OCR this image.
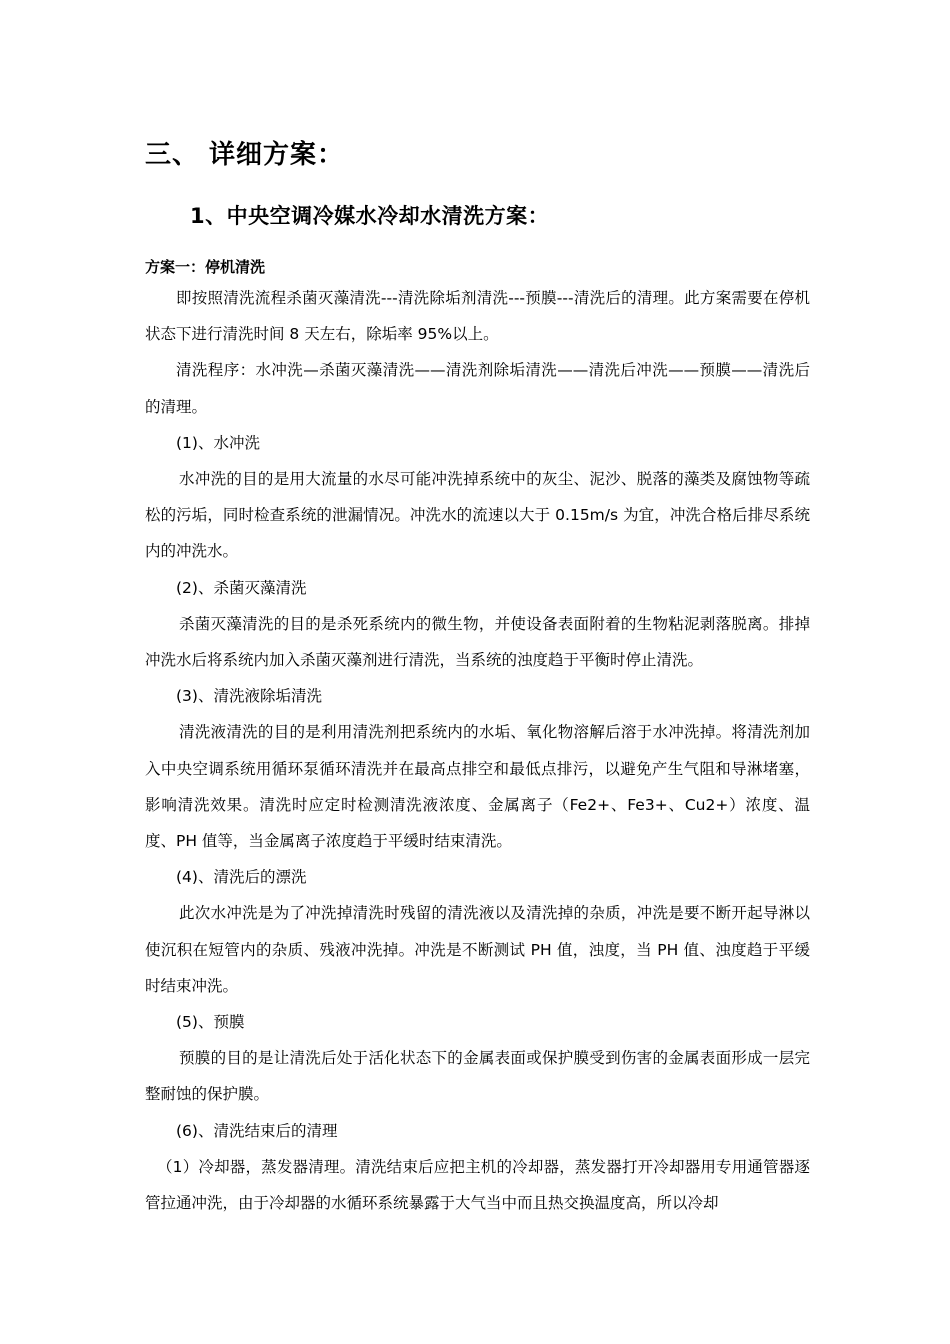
三、 详细方案：
1、中央空调冷媒水冷却水清洗方案：
方案一：停机清洗

即按照清洗流程杀菌灭藻清洗---清洗除垢剂清洗---预膜---清洗后的清理。此方案需要在停机状态下进行清洗时间 8 天左右，除垢率 95%以上。

清洗程序：水冲洗—杀菌灭藻清洗——清洗剂除垢清洗——清洗后冲洗——预膜——清洗后的清理。

(1)、水冲洗

水冲洗的目的是用大流量的水尽可能冲洗掉系统中的灰尘、泥沙、脱落的藻类及腐蚀物等疏松的污垢，同时检查系统的泄漏情况。冲洗水的流速以大于 0.15m/s 为宜，冲洗合格后排尽系统内的冲洗水。

(2)、杀菌灭藻清洗

杀菌灭藻清洗的目的是杀死系统内的微生物，并使设备表面附着的生物粘泥剥落脱离。排掉冲洗水后将系统内加入杀菌灭藻剂进行清洗，当系统的浊度趋于平衡时停止清洗。

(3)、清洗液除垢清洗

清洗液清洗的目的是利用清洗剂把系统内的水垢、氧化物溶解后溶于水冲洗掉。将清洗剂加入中央空调系统用循环泵循环清洗并在最高点排空和最低点排污，以避免产生气阻和导淋堵塞，影响清洗效果。清洗时应定时检测清洗液浓度、金属离子（Fe2+、Fe3+、Cu2+）浓度、温度、PH 值等，当金属离子浓度趋于平缓时结束清洗。

(4)、清洗后的漂洗

此次水冲洗是为了冲洗掉清洗时残留的清洗液以及清洗掉的杂质，冲洗是要不断开起导淋以使沉积在短管内的杂质、残液冲洗掉。冲洗是不断测试 PH 值，浊度，当 PH 值、浊度趋于平缓时结束冲洗。

(5)、预膜

预膜的目的是让清洗后处于活化状态下的金属表面或保护膜受到伤害的金属表面形成一层完整耐蚀的保护膜。

(6)、清洗结束后的清理

（1）冷却器，蒸发器清理。清洗结束后应把主机的冷却器，蒸发器打开冷却器用专用通管器逐管拉通冲洗，由于冷却器的水循环系统暴露于大气当中而且热交换温度高，所以冷却
